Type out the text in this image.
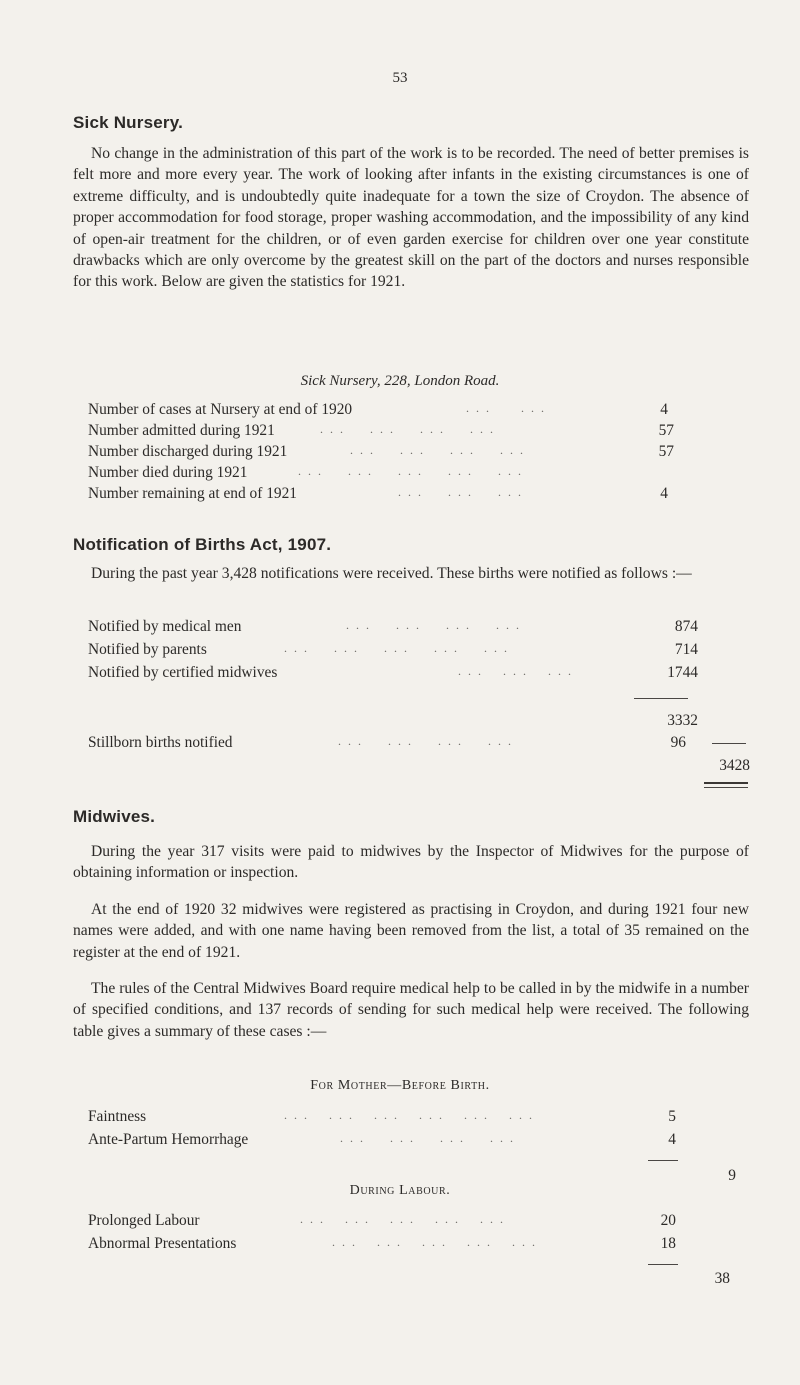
53
Sick Nursery.

No change in the administration of this part of the work is to be recorded. The need of better premises is felt more and more every year. The work of looking after infants in the existing circumstances is one of extreme difficulty, and is undoubtedly quite inadequate for a town the size of Croydon. The absence of proper accommodation for food storage, proper washing accommodation, and the impossibility of any kind of open-air treatment for the children, or of even garden exercise for children over one year constitute drawbacks which are only overcome by the greatest skill on the part of the doctors and nurses responsible for this work. Below are given the statistics for 1921.

Sick Nursery, 228, London Road.
Number of cases at Nursery at end of 1920	. . .      . . .	4
Number admitted during 1921	. . .     . . .     . . .     . . .	57
Number discharged during 1921	. . .     . . .     . . .     . . .	57
Number died during 1921	. . .     . . .     . . .     . . .     . . .
Number remaining at end of 1921	. . .     . . .     . . .	4
Notification of Births Act, 1907.

During the past year 3,428 notifications were received. These births were notified as follows :—

Notified by medical men	. . .     . . .     . . .     . . .	874
Notified by parents	. . .     . . .     . . .     . . .     . . .	714
Notified by certified midwives	. . .    . . .    . . .	1744
3332
Stillborn births notified	. . .     . . .     . . .     . . .	96
3428
Midwives.

During the year 317 visits were paid to midwives by the Inspector of Midwives for the purpose of obtaining information or inspection.

At the end of 1920 32 midwives were registered as practising in Croydon, and during 1921 four new names were added, and with one name having been removed from the list, a total of 35 remained on the register at the end of 1921.

The rules of the Central Midwives Board require medical help to be called in by the midwife in a number of specified conditions, and 137 records of sending for such medical help were received. The following table gives a summary of these cases :—

For Mother—Before Birth.
Faintness	. . .    . . .    . . .    . . .    . . .    . . .	5
Ante-Partum Hemorrhage	. . .     . . .     . . .     . . .	4
9
During Labour.
Prolonged Labour	. . .    . . .    . . .    . . .    . . .	20
Abnormal Presentations	. . .    . . .    . . .    . . .    . . .	18
38
